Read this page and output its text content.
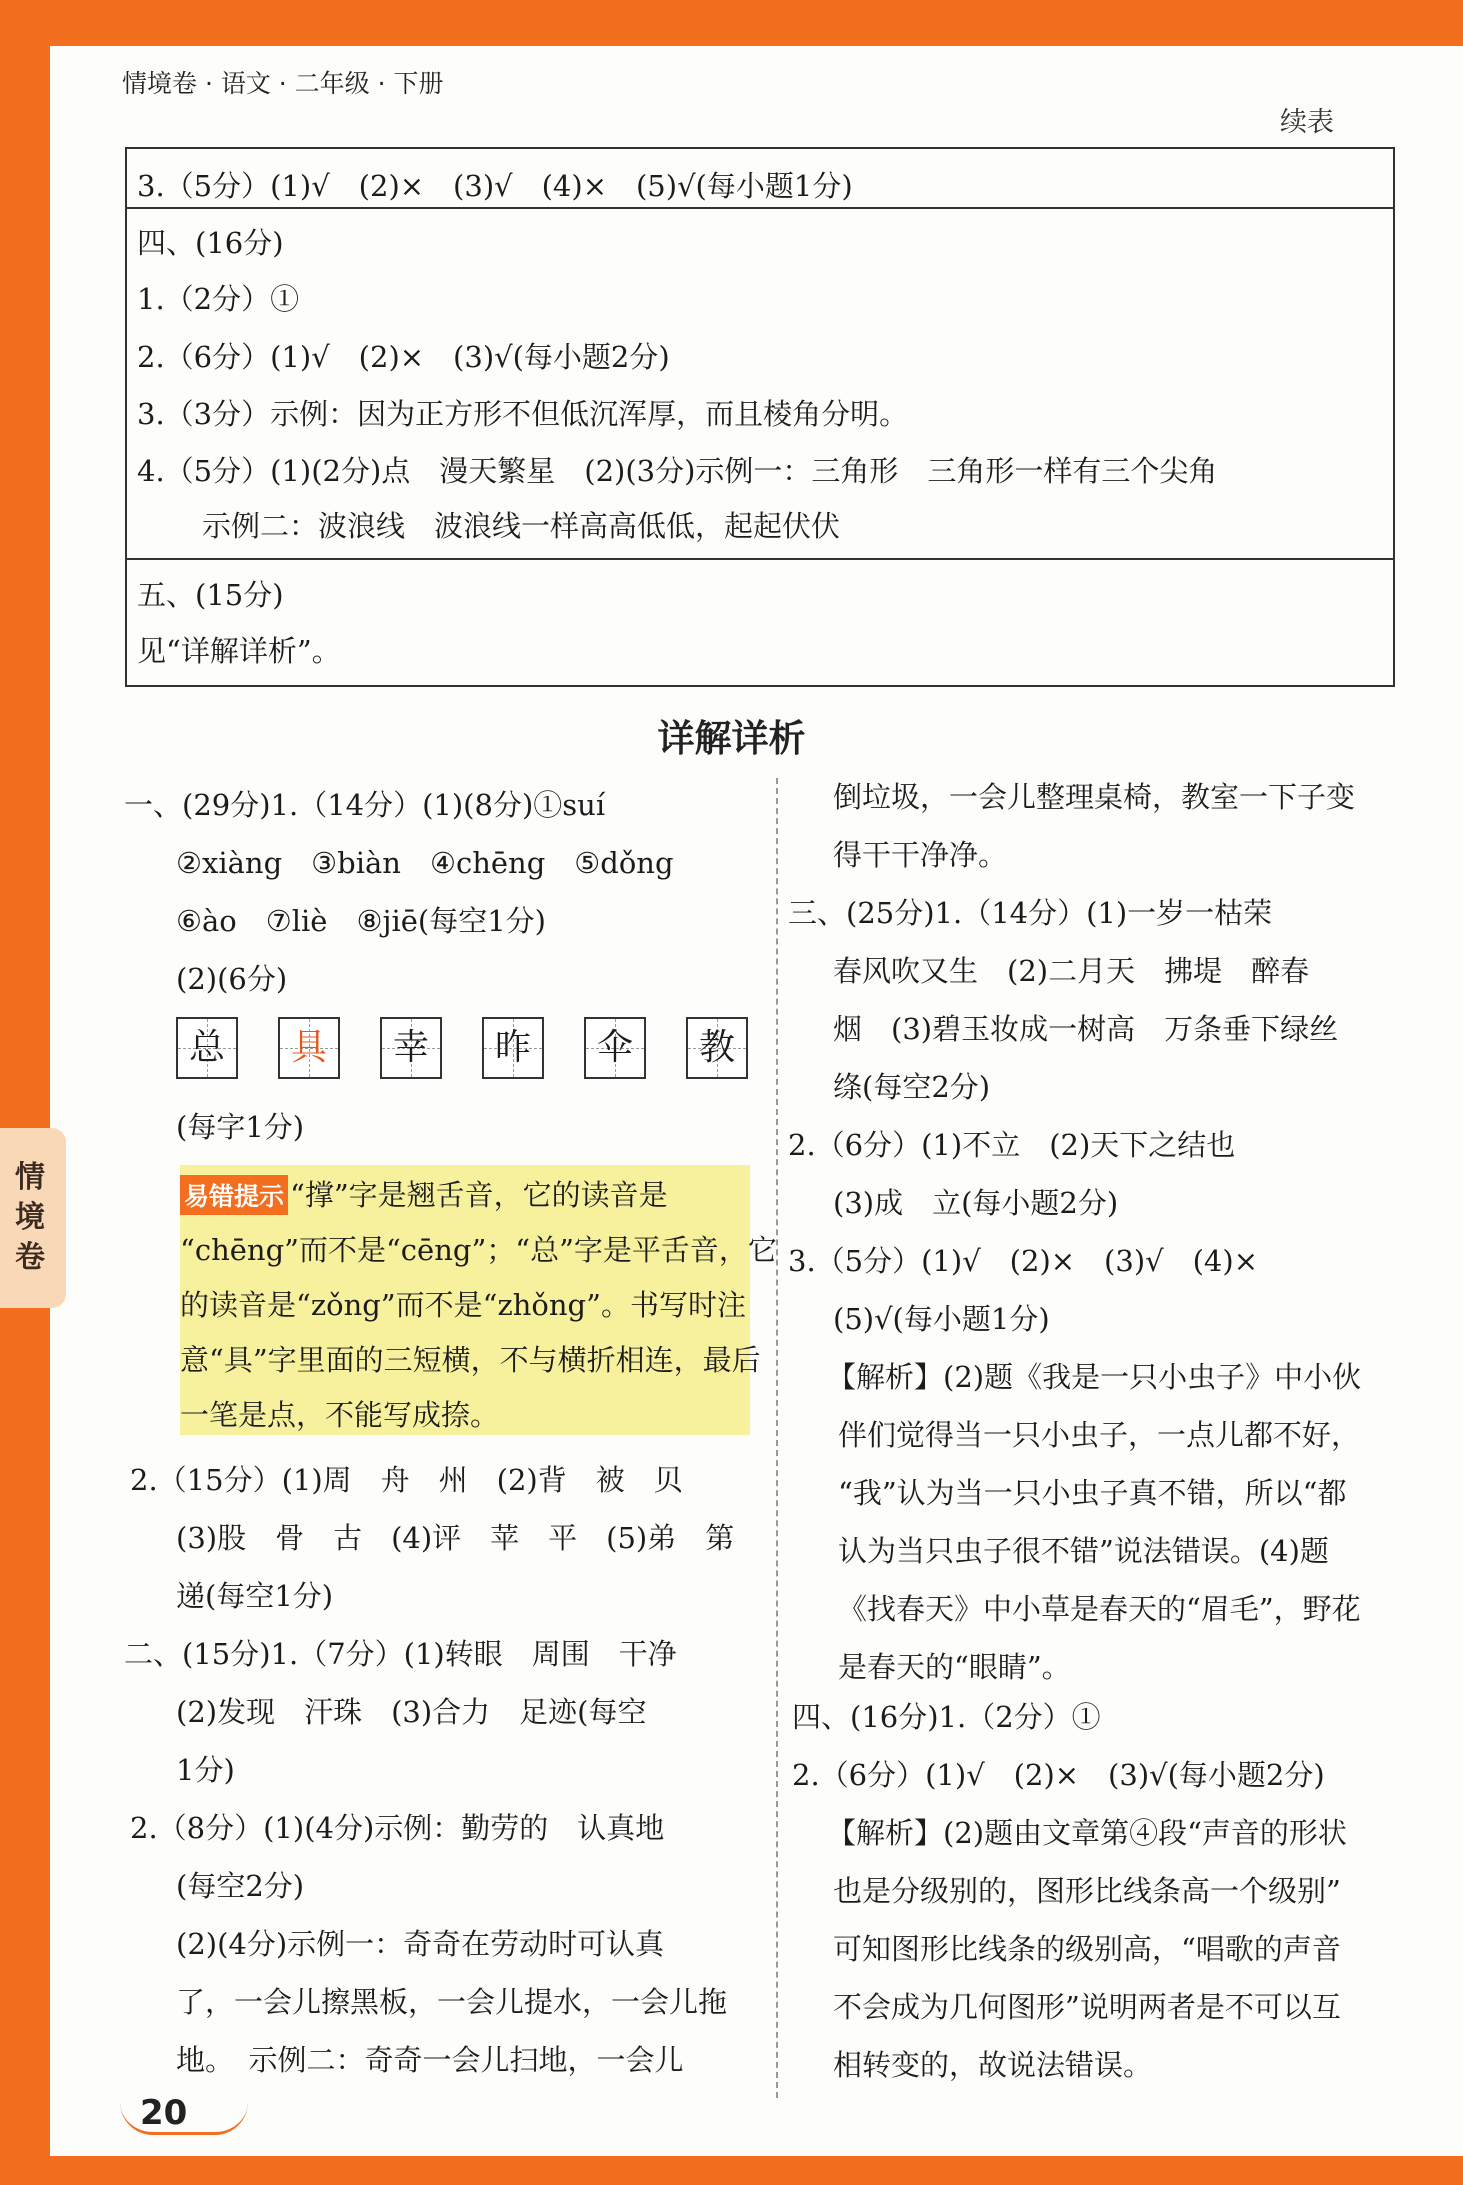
情境卷
情境卷 · 语文 · 二年级 · 下册
续表
3.（5分）(1)√　(2)×　(3)√　(4)×　(5)√(每小题1分)
四、(16分)
1.（2分）①
2.（6分）(1)√　(2)×　(3)√(每小题2分)
3.（3分）示例：因为正方形不但低沉浑厚，而且棱角分明。
4.（5分）(1)(2分)点　漫天繁星　(2)(3分)示例一：三角形　三角形一样有三个尖角
示例二：波浪线　波浪线一样高高低低，起起伏伏
五、(15分)
见“详解详析”。
详解详析
一、(29分)1.（14分）(1)(8分)①suí
②xiàng　③biàn　④chēng　⑤dǒng
⑥ào　⑦liè　⑧jiē(每空1分)
(2)(6分)
总	具	幸	昨	伞	教
(每字1分)
易错提示 “撑”字是翘舌音，它的读音是
“chēng”而不是“cēng”；“总”字是平舌音，它
的读音是“zǒng”而不是“zhǒng”。书写时注
意“具”字里面的三短横，不与横折相连，最后
一笔是点，不能写成捺。
2.（15分）(1)周　舟　州　(2)背　被　贝
(3)股　骨　古　(4)评　苹　平　(5)弟　第
递(每空1分)
二、(15分)1.（7分）(1)转眼　周围　干净
(2)发现　汗珠　(3)合力　足迹(每空
1分)
2.（8分）(1)(4分)示例：勤劳的　认真地
(每空2分)
(2)(4分)示例一：奇奇在劳动时可认真
了，一会儿擦黑板，一会儿提水，一会儿拖
地。　示例二：奇奇一会儿扫地，一会儿
倒垃圾，一会儿整理桌椅，教室一下子变
得干干净净。
三、(25分)1.（14分）(1)一岁一枯荣
春风吹又生　(2)二月天　拂堤　醉春
烟　(3)碧玉妆成一树高　万条垂下绿丝
绦(每空2分)
2.（6分）(1)不立　(2)天下之结也
(3)成　立(每小题2分)
3.（5分）(1)√　(2)×　(3)√　(4)×
(5)√(每小题1分)
【解析】(2)题《我是一只小虫子》中小伙
伴们觉得当一只小虫子，一点儿都不好，
“我”认为当一只小虫子真不错，所以“都
认为当只虫子很不错”说法错误。(4)题
《找春天》中小草是春天的“眉毛”，野花
是春天的“眼睛”。
四、(16分)1.（2分）①
2.（6分）(1)√　(2)×　(3)√(每小题2分)
【解析】(2)题由文章第④段“声音的形状
也是分级别的，图形比线条高一个级别”
可知图形比线条的级别高，“唱歌的声音
不会成为几何图形”说明两者是不可以互
相转变的，故说法错误。
20
